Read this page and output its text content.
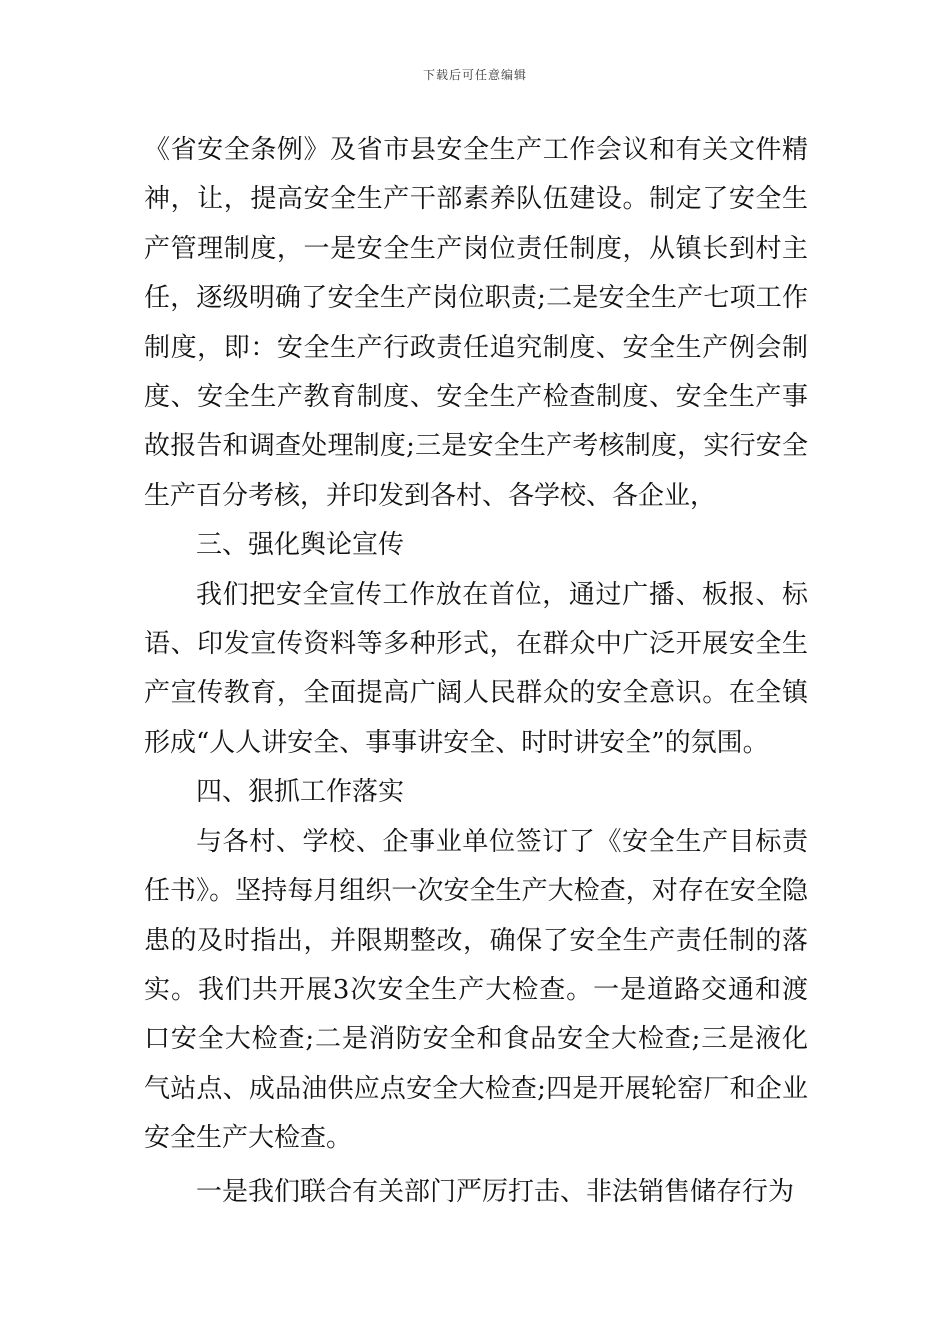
下载后可任意编辑

《省安全条例》及省市县安全生产工作会议和有关文件精神，让，提高安全生产干部素养队伍建设。制定了安全生产管理制度，一是安全生产岗位责任制度，从镇长到村主任，逐级明确了安全生产岗位职责;二是安全生产七项工作制度，即：安全生产行政责任追究制度、安全生产例会制度、安全生产教育制度、安全生产检查制度、安全生产事故报告和调查处理制度;三是安全生产考核制度，实行安全生产百分考核，并印发到各村、各学校、各企业，

三、强化舆论宣传

我们把安全宣传工作放在首位，通过广播、板报、标语、印发宣传资料等多种形式，在群众中广泛开展安全生产宣传教育，全面提高广阔人民群众的安全意识。在全镇形成“人人讲安全、事事讲安全、时时讲安全”的氛围。

四、狠抓工作落实

与各村、学校、企事业单位签订了《安全生产目标责任书》。坚持每月组织一次安全生产大检查，对存在安全隐患的及时指出，并限期整改，确保了安全生产责任制的落实。我们共开展3次安全生产大检查。一是道路交通和渡口安全大检查;二是消防安全和食品安全大检查;三是液化气站点、成品油供应点安全大检查;四是开展轮窑厂和企业安全生产大检查。

一是我们联合有关部门严厉打击、非法销售储存行为
